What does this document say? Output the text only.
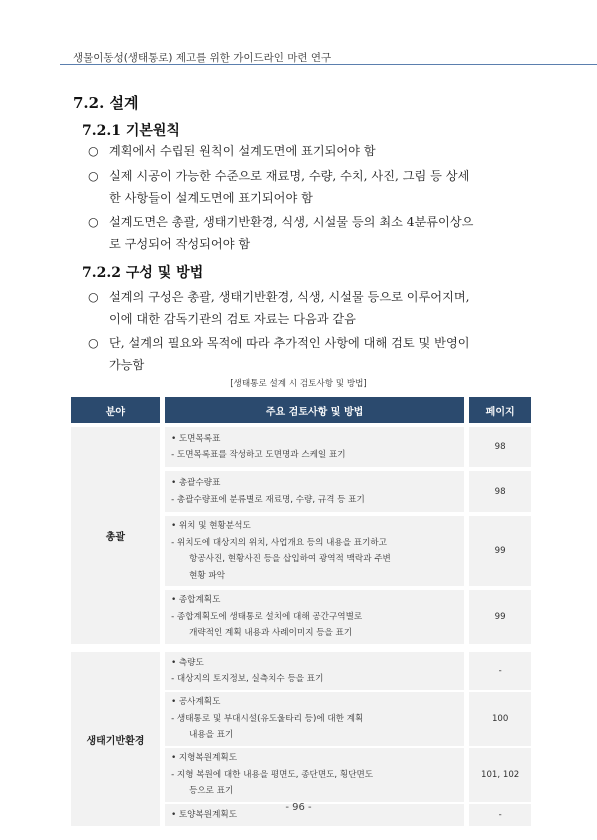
생물이동성(생태통로) 제고를 위한 가이드라인 마련 연구
7.2. 설계
7.2.1 기본원칙
○ 계획에서 수립된 원칙이 설계도면에 표기되어야 함
○ 실제 시공이 가능한 수준으로 재료명, 수량, 수치, 사진, 그림 등 상세
한 사항들이 설계도면에 표기되어야 함
○ 설계도면은 총괄, 생태기반환경, 식생, 시설물 등의 최소 4분류이상으
로 구성되어 작성되어야 함
7.2.2 구성 및 방법
○ 설계의 구성은 총괄, 생태기반환경, 식생, 시설물 등으로 이루어지며,
이에 대한 감독기관의 검토 자료는 다음과 같음
○ 단, 설계의 필요와 목적에 따라 추가적인 사항에 대해 검토 및 반영이
가능함
[생태통로 설계 시 검토사항 및 방법]
분야		주요 검토사항 및 방법		페이지

총괄		• 도면목록표
- 도면목록표를 작성하고 도면명과 스케일 표기		98

		• 총괄수량표
- 총괄수량표에 분류별로 재료명, 수량, 규격 등 표기		98

		• 위치 및 현황분석도
- 위치도에 대상지의 위치, 사업개요 등의 내용을 표기하고
항공사진, 현황사진 등을 삽입하여 광역적 맥락과 주변
현황 파악		99

		• 종합계획도
- 종합계획도에 생태통로 설치에 대해 공간구역별로
개략적인 계획 내용과 사례이미지 등을 표기		99

생태기반환경		• 측량도
- 대상지의 토지정보, 실측치수 등을 표기		-

		• 공사계획도
- 생태통로 및 부대시설(유도울타리 등)에 대한 계획
내용을 표기		100

		• 지형복원계획도
- 지형 복원에 대한 내용을 평면도, 종단면도, 횡단면도
등으로 표기		101, 102

		• 토양복원계획도		-
- 96 -
